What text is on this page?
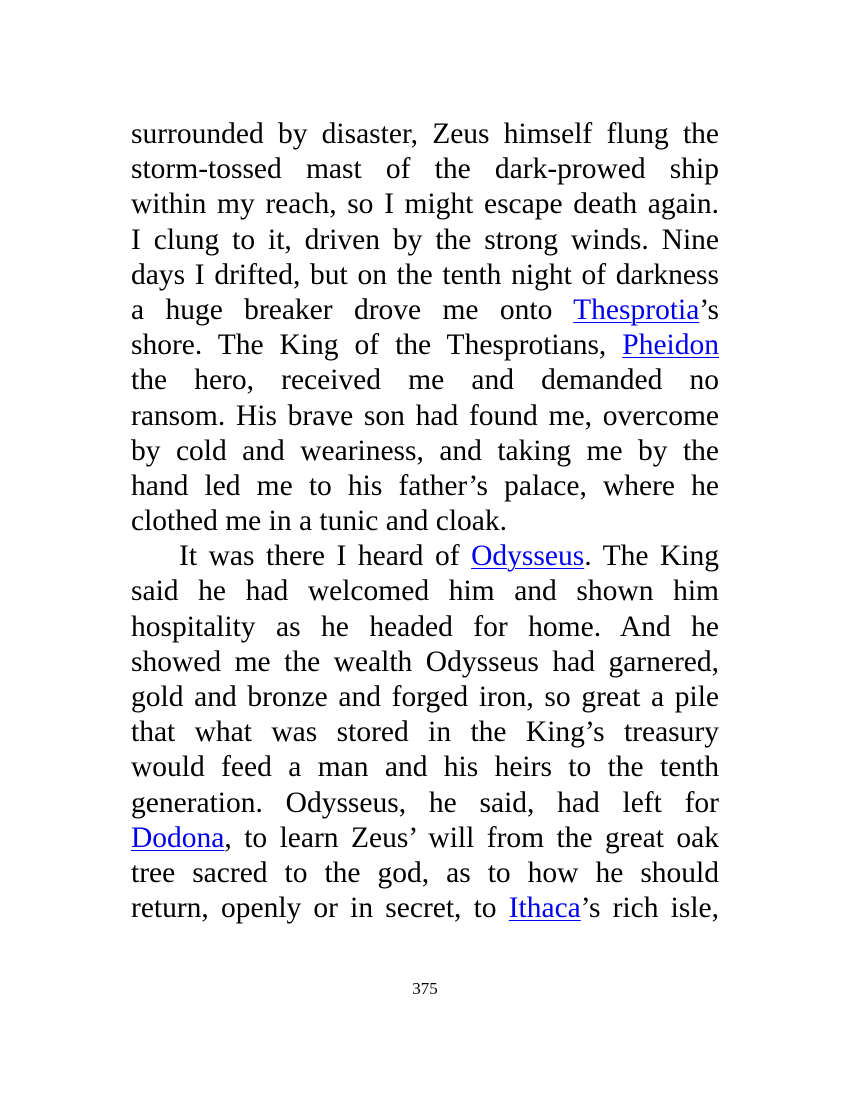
surrounded by disaster, Zeus himself flung the
storm-tossed mast of the dark-prowed ship
within my reach, so I might escape death again.
I clung to it, driven by the strong winds. Nine
days I drifted, but on the tenth night of darkness
a huge breaker drove me onto Thesprotia’s
shore. The King of the Thesprotians, Pheidon
the hero, received me and demanded no
ransom. His brave son had found me, overcome
by cold and weariness, and taking me by the
hand led me to his father’s palace, where he
clothed me in a tunic and cloak.
It was there I heard of Odysseus. The King
said he had welcomed him and shown him
hospitality as he headed for home. And he
showed me the wealth Odysseus had garnered,
gold and bronze and forged iron, so great a pile
that what was stored in the King’s treasury
would feed a man and his heirs to the tenth
generation. Odysseus, he said, had left for
Dodona, to learn Zeus’ will from the great oak
tree sacred to the god, as to how he should
return, openly or in secret, to Ithaca’s rich isle,
375
